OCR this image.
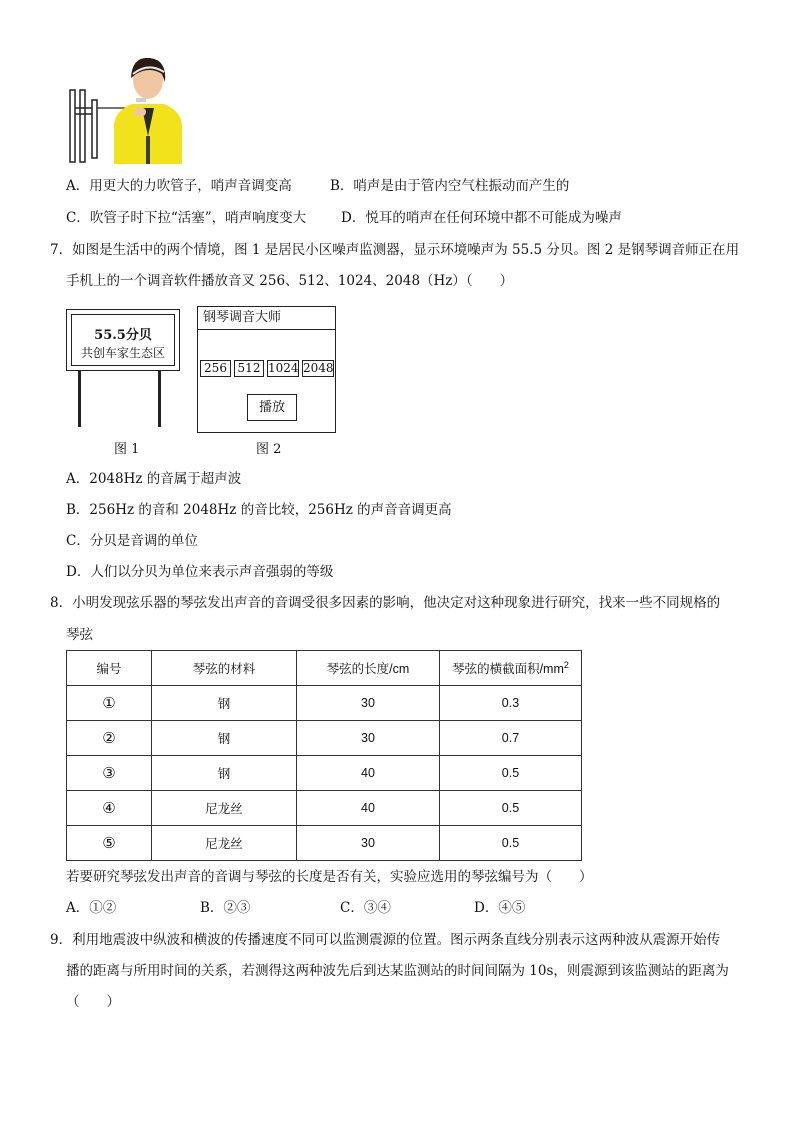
A．用更大的力吹管子，哨声音调变高	B．哨声是由于管内空气柱振动而产生的
C．吹管子时下拉“活塞”，哨声响度变大	D．悦耳的哨声在任何环境中都不可能成为噪声
7．如图是生活中的两个情境，图 1 是居民小区噪声监测器，显示环境噪声为 55.5 分贝。图 2 是钢琴调音师正在用
手机上的一个调音软件播放音叉 256、512、1024、2048（Hz）（　　）
55.5分贝
共创车家生态区
图 1
钢琴调音大师
256 512 1024 2048
播放
图 2
A．2048Hz 的音属于超声波
B．256Hz 的音和 2048Hz 的音比较，256Hz 的声音音调更高
C．分贝是音调的单位
D．人们以分贝为单位来表示声音强弱的等级
8．小明发现弦乐器的琴弦发出声音的音调受很多因素的影响，他决定对这种现象进行研究，找来一些不同规格的
琴弦
编号	琴弦的材料	琴弦的长度/cm	琴弦的横截面积$/mm^2$
①	钢	30	0.3
②	钢	30	0.7
③	钢	40	0.5
④	尼龙丝	40	0.5
⑤	尼龙丝	30	0.5
若要研究琴弦发出声音的音调与琴弦的长度是否有关，实验应选用的琴弦编号为（　　）
A．①②	B．②③	C．③④	D．④⑤
9．利用地震波中纵波和横波的传播速度不同可以监测震源的位置。图示两条直线分别表示这两种波从震源开始传
播的距离与所用时间的关系，若测得这两种波先后到达某监测站的时间间隔为 10s，则震源到该监测站的距离为
（　　）
